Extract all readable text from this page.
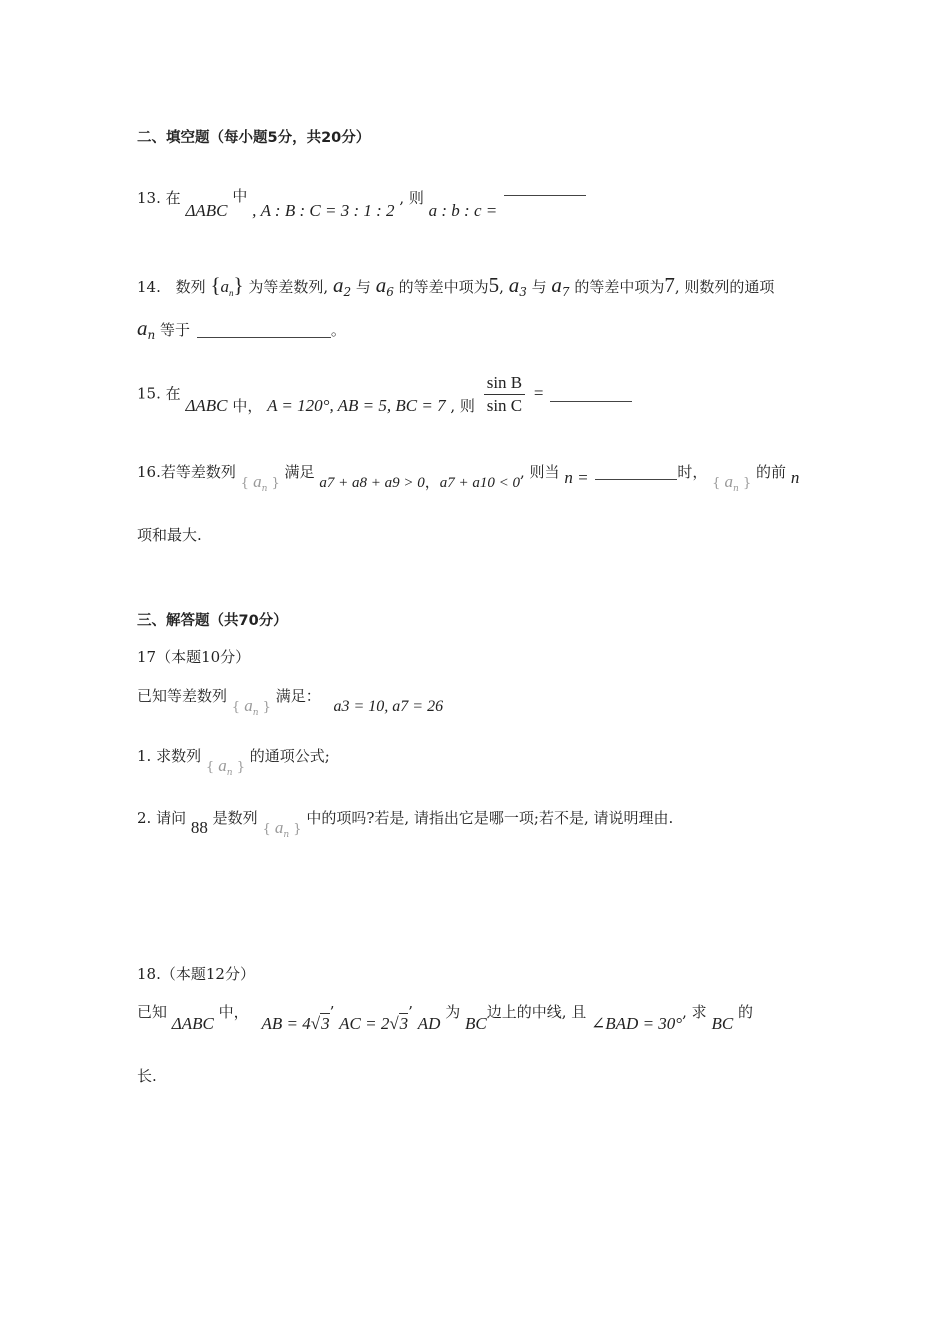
二、填空题（每小题5分，共20分）
13. 在 ΔABC 中 , A : B : C = 3 : 1 : 2 , 则 a : b : c =
14. 数列 $\{a_n\}$ 为等差数列, $a_2$ 与 $a_6$ 的等差中项为5, $a_3$ 与 $a_7$ 的等差中项为7, 则数列的通项
$a_n$ 等于	。
15. 在 ΔABC 中， A = 120°, AB = 5, BC = 7 , 则 $\frac{\text{sin B}}{\text{sin C}}$ =
16.若等差数列 { $a_n$ } 满足 a7 + a8 + a9 > 0，a7 + a10 < 0, 则当 n =	时， { $a_n$ } 的前 n
项和最大.
三、解答题（共70分）
17（本题10分）
已知等差数列 { $a_n$ } 满足： a3 = 10, a7 = 26
1. 求数列 { $a_n$ } 的通项公式;
2. 请问 88 是数列 { $a_n$ } 中的项吗?若是, 请指出它是哪一项;若不是, 请说明理由.
18.（本题12分）
已知 ΔABC 中， AB = 4√3’ AC = 2√3’ AD 为 BC边上的中线, 且 ∠BAD = 30°, 求 BC 的
长.
